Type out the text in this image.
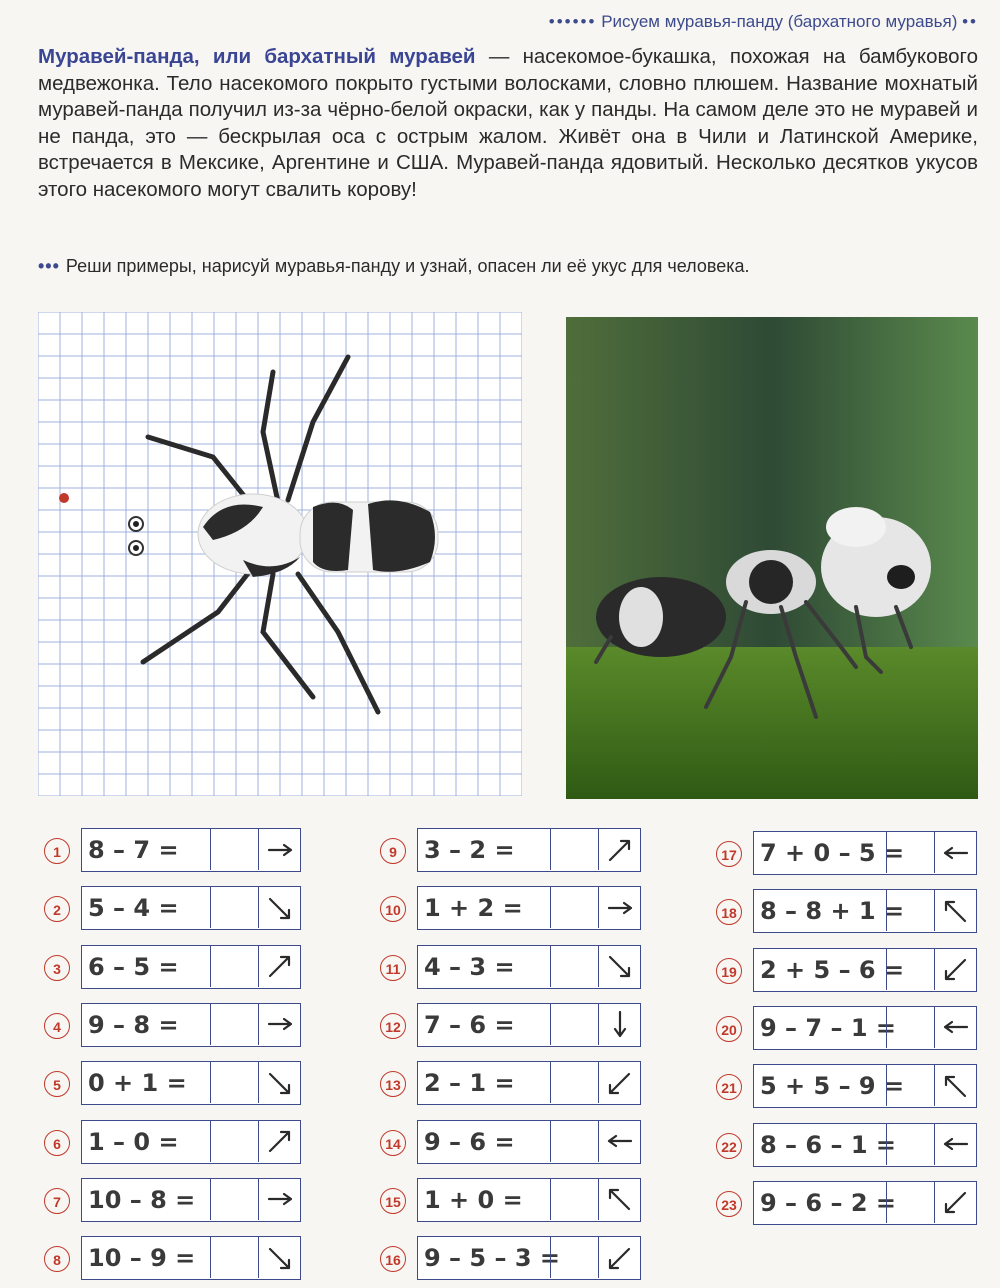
•••••• Рисуем муравья-панду (бархатного муравья) ••
Муравей-панда, или бархатный муравей — насекомое-букашка, похожая на бамбукового медвежонка. Тело насекомого покрыто густыми волосками, словно плюшем. Название мохнатый муравей-панда получил из-за чёрно-белой окраски, как у панды. На самом деле это не муравей и не панда, это — бескрылая оса с острым жалом. Живёт она в Чили и Латинской Америке, встречается в Мексике, Аргентине и США. Муравей-панда ядовитый. Несколько десятков укусов этого насекомого могут свалить корову!
••• Реши примеры, нарисуй муравья-панду и узнай, опасен ли её укус для человека.
1	8 – 7 =
2	5 – 4 =
3	6 – 5 =
4	9 – 8 =
5	0 + 1 =
6	1 – 0 =
7	10 – 8 =
8	10 – 9 =
9	3 – 2 =
10 1 + 2 =
11 4 – 3 =
12 7 – 6 =
13 2 – 1 =
14 9 – 6 =
15 1 + 0 =
16 9 – 5 – 3 =
17 7 + 0 – 5 =
18 8 – 8 + 1 =
19 2 + 5 – 6 =
20 9 – 7 – 1 =
21 5 + 5 – 9 =
22 8 – 6 – 1 =
23 9 – 6 – 2 =
